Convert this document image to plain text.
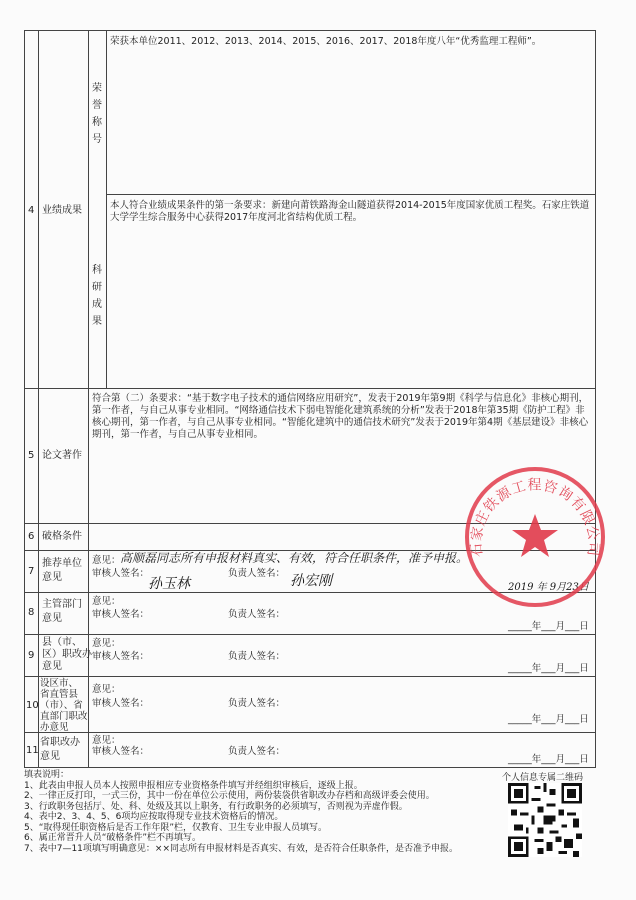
4 业绩成果
荣誉称号
荣获本单位2011、2012、2013、2014、2015、2016、2017、2018年度八年“优秀监理工程师”。
科研成果
本人符合业绩成果条件的第一条要求：新建向莆铁路海金山隧道获得2014-2015年度国家优质工程奖。石家庄铁道大学学生综合服务中心获得2017年度河北省结构优质工程。
5 论文著作
符合第（二）条要求：“基于数字电子技术的通信网络应用研究”，发表于2019年第9期《科学与信息化》非核心期刊，第一作者，与自己从事专业相同。“网络通信技术下弱电智能化建筑系统的分析”发表于2018年第35期《防护工程》非核心期刊，第一作者，与自己从事专业相同。“智能化建筑中的通信技术研究”发表于2019年第4期《基层建设》非核心期刊，第一作者，与自己从事专业相同。
6 破格条件
7
推荐单位
意见
意见： 高顺磊同志所有申报材料真实、有效，符合任职条件，准予申报。
审核人签名：
孙玉林
负责人签名： 孙宏刚	2019 年 9月23日
8
主管部门
意见
意见：
审核人签名：	负责人签名：
_____年___月___日
9
县（市、
区）职改办
意见
意见：
审核人签名：	负责人签名：
_____年___月___日
10
设区市、
省直管县
（市）、省
直部门职改
办意见
意见：
审核人签名：	负责人签名：
_____年___月___日
11
省职改办
意见
意见：
审核人签名：	负责人签名：
_____年___月___日
石家庄铁源工程咨询有限公司
填表说明：
1、此表由申报人员本人按照申报相应专业资格条件填写并经组织审核后，逐级上报。
2、一律正反打印，一式三份，其中一份在单位公示使用，两份装袋供省职改办存档和高级评委会使用。
3、行政职务包括厅、处、科、处级及其以上职务，有行政职务的必须填写，否则视为弄虚作假。
4、表中2、3、4、5、6项均应按取得现专业技术资格后的情况。
5、“取得现任职资格后是否工作年限”栏，仅教育、卫生专业申报人员填写。
6、属正常晋升人员“破格条件”栏不再填写。
7、表中7—11项填写明确意见：××同志所有申报材料是否真实、有效，是否符合任职条件，是否准予申报。
个人信息专属二维码
